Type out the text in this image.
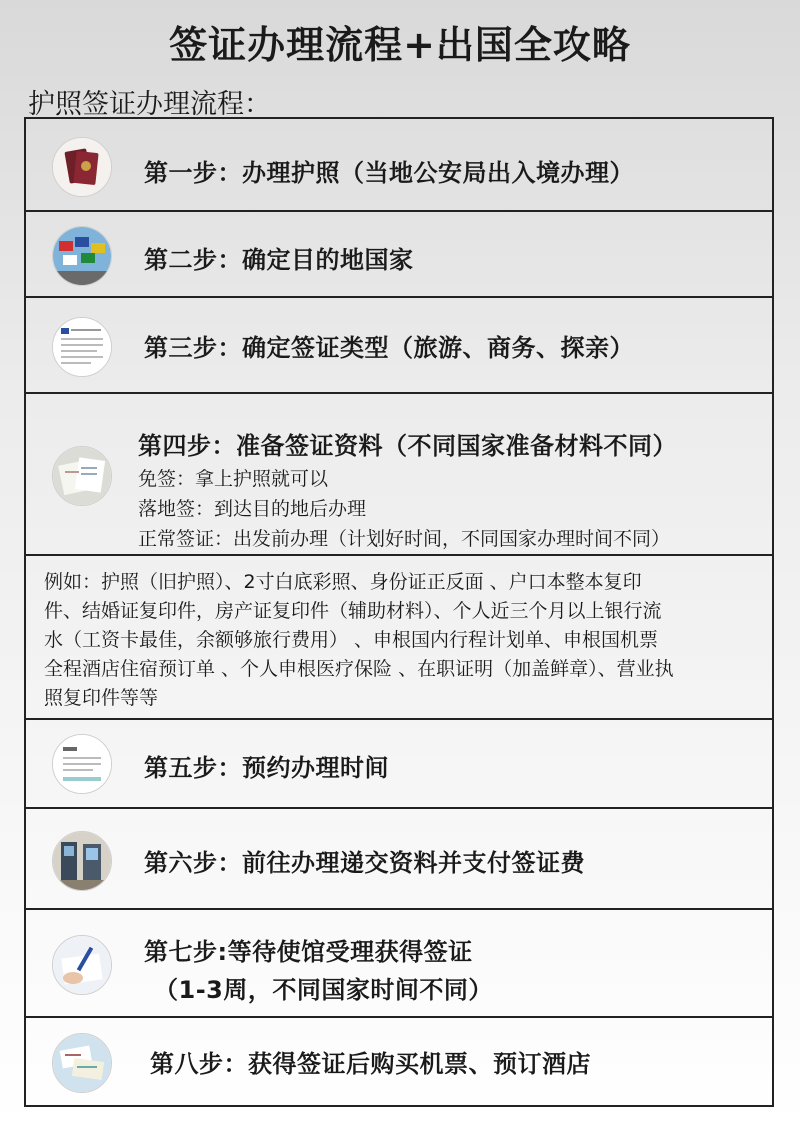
签证办理流程+出国全攻略
护照签证办理流程：
第一步：办理护照（当地公安局出入境办理）
第二步：确定目的地国家
第三步：确定签证类型（旅游、商务、探亲）
第四步：准备签证资料（不同国家准备材料不同）
免签：拿上护照就可以
落地签：到达目的地后办理
正常签证：出发前办理（计划好时间，不同国家办理时间不同）
例如：护照（旧护照）、2寸白底彩照、身份证正反面 、户口本整本复印
件、结婚证复印件，房产证复印件（辅助材料）、个人近三个月以上银行流
水（工资卡最佳，余额够旅行费用） 、申根国内行程计划单、申根国机票
全程酒店住宿预订单 、个人申根医疗保险 、在职证明（加盖鲜章）、营业执
照复印件等等
第五步：预约办理时间
第六步：前往办理递交资料并支付签证费
第七步:等待使馆受理获得签证
（1-3周，不同国家时间不同）
第八步：获得签证后购买机票、预订酒店
